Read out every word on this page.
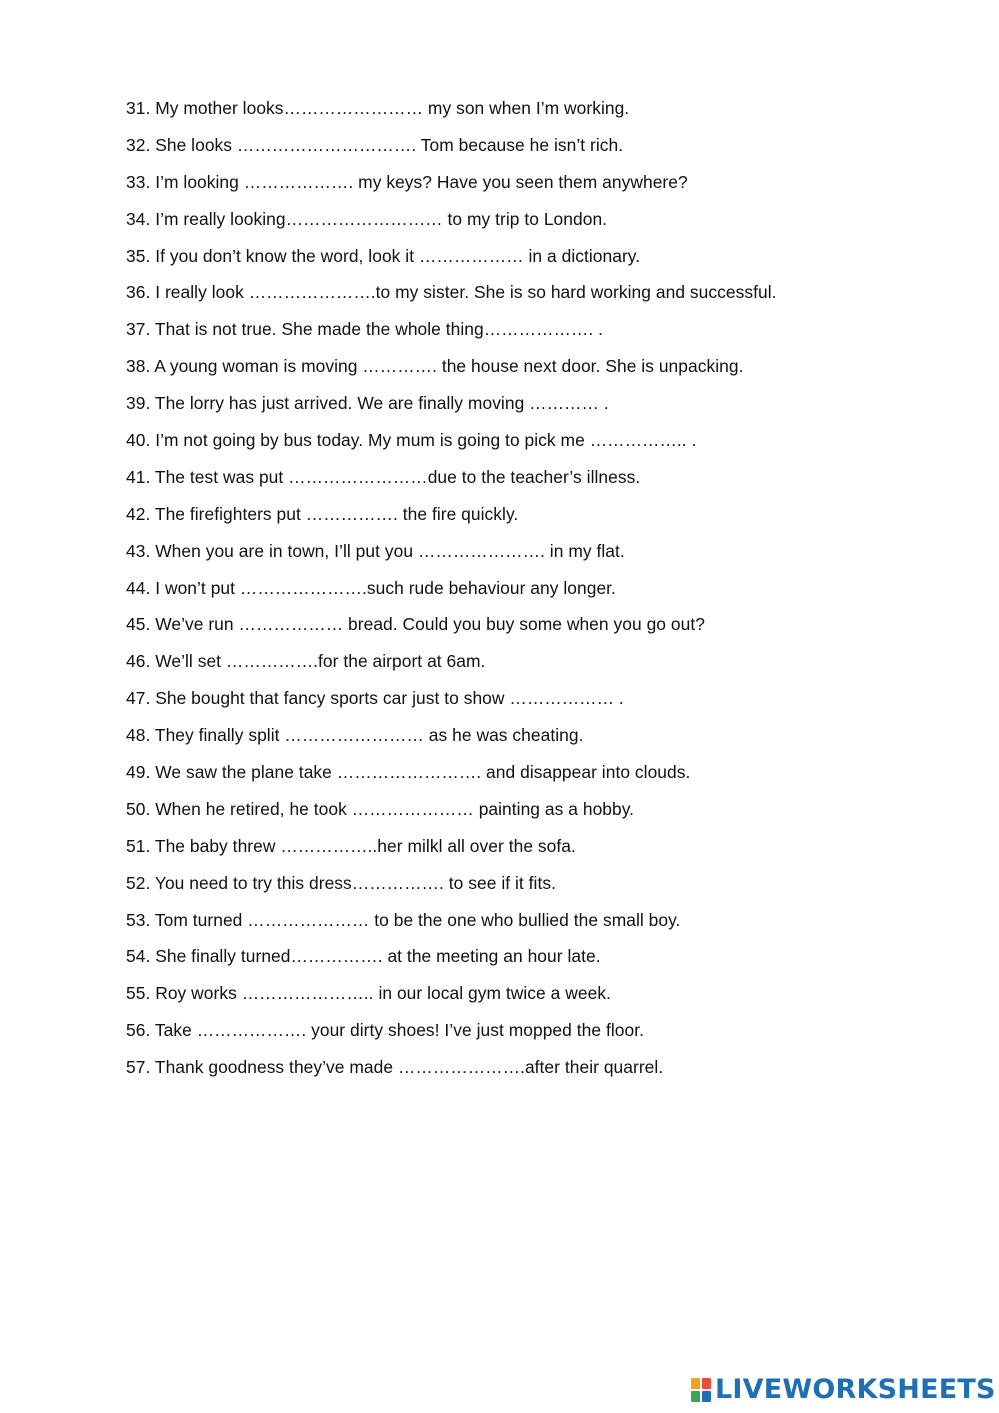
31. My mother looks…………………… my son when I’m working.
32. She looks …………………………. Tom because he isn’t rich.
33. I’m looking ………………. my keys? Have you seen them anywhere?
34. I’m really looking……………………… to my trip to London.
35. If you don’t know the word, look it ……………… in a dictionary.
36. I really look ………………….to my sister. She is so hard working and successful.
37. That is not true. She made the whole thing………………. .
38. A young woman is moving …………. the house next door. She is unpacking.
39. The lorry has just arrived. We are finally moving ………… .
40. I’m not going by bus today. My mum is going to pick me …………….. .
41. The test was put ……………………due to the teacher’s illness.
42. The firefighters put ……………. the fire quickly.
43. When you are in town, I’ll put you …………………. in my flat.
44. I won’t put ………………….such rude behaviour any longer.
45. We’ve run ……………… bread. Could you buy some when you go out?
46. We’ll set …………….for the airport at 6am.
47. She bought that fancy sports car just to show ……………… .
48. They finally split …………………… as he was cheating.
49. We saw the plane take ……………………. and disappear into clouds.
50. When he retired, he took ………………… painting as a hobby.
51. The baby threw ……………..her milkl all over the sofa.
52. You need to try this dress……………. to see if it fits.
53. Tom turned ………………… to be the one who bullied the small boy.
54. She finally turned……………. at the meeting an hour late.
55. Roy works ………………….. in our local gym twice a week.
56. Take ………………. your dirty shoes! I’ve just mopped the floor.
57. Thank goodness they’ve made ………………….after their quarrel.
LIVEWORKSHEETS
